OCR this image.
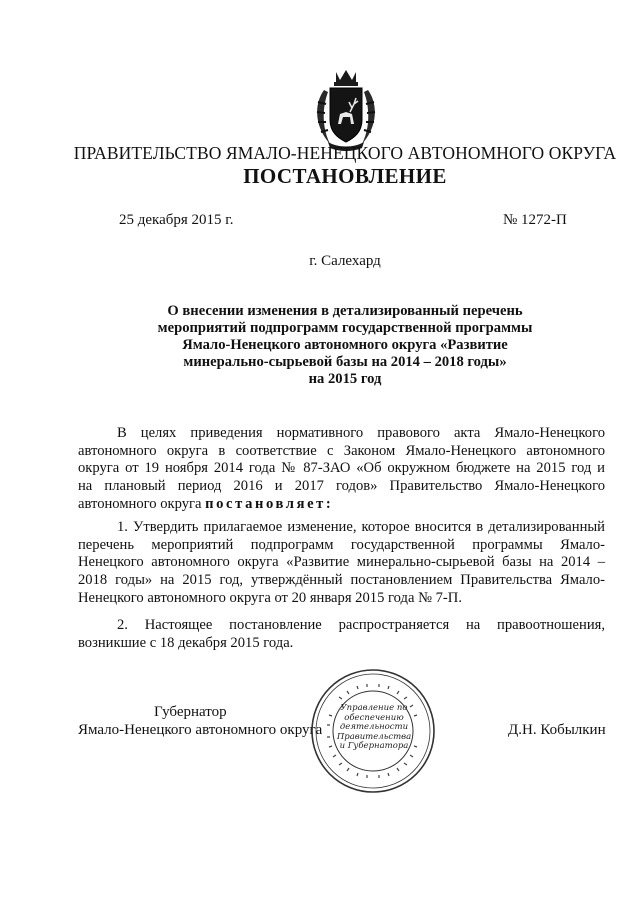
ПРАВИТЕЛЬСТВО ЯМАЛО-НЕНЕЦКОГО АВТОНОМНОГО ОКРУГА
ПОСТАНОВЛЕНИЕ
25 декабря 2015 г.	№ 1272-П
г. Салехард
О внесении изменения в детализированный перечень
мероприятий подпрограмм государственной программы
Ямало-Ненецкого автономного округа «Развитие
минерально-сырьевой базы на 2014 – 2018 годы»
на 2015 год
В целях приведения нормативного правового акта Ямало-Ненецкого
автономного округа в соответствие с Законом Ямало-Ненецкого автономного
округа от 19 ноября 2014 года № 87-ЗАО «Об окружном бюджете на 2015 год и
на плановый период 2016 и 2017 годов» Правительство Ямало-Ненецкого
автономного округа постановляет:
1. Утвердить прилагаемое изменение, которое вносится в детализированный
перечень мероприятий подпрограмм государственной программы Ямало-
Ненецкого автономного округа «Развитие минерально-сырьевой базы на 2014 –
2018 годы» на 2015 год, утверждённый постановлением Правительства Ямало-
Ненецкого автономного округа от 20 января 2015 года № 7-П.
2. Настоящее постановление распространяется на правоотношения,
возникшие с 18 декабря 2015 года.
Губернатор
Ямало-Ненецкого автономного округа	Д.Н. Кобылкин
Управление по
обеспечению
деятельности
Правительства
и Губернатора
